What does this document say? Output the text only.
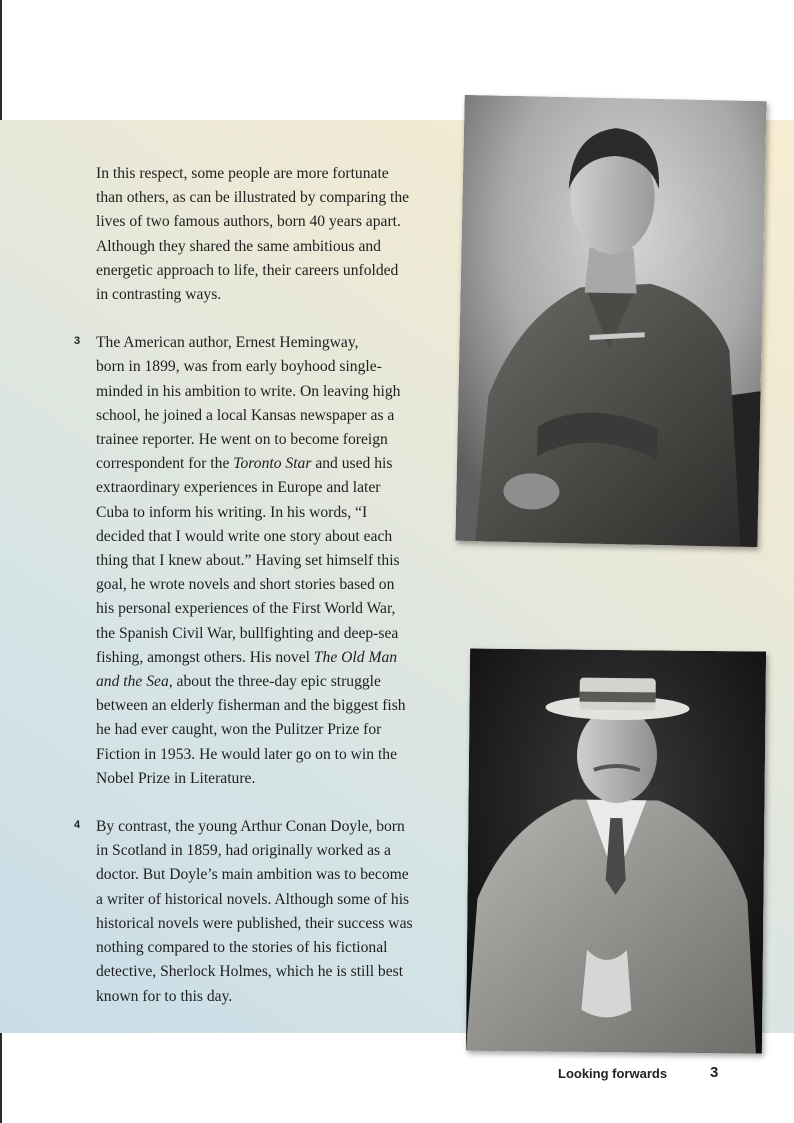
In this respect, some people are more fortunate
than others, as can be illustrated by comparing the
lives of two famous authors, born 40 years apart.
Although they shared the same ambitious and
energetic approach to life, their careers unfolded
in contrasting ways.

3 The American author, Ernest Hemingway,
born in 1899, was from early boyhood single-
minded in his ambition to write. On leaving high
school, he joined a local Kansas newspaper as a
trainee reporter. He went on to become foreign
correspondent for the Toronto Star and used his
extraordinary experiences in Europe and later
Cuba to inform his writing. In his words, “I
decided that I would write one story about each
thing that I knew about.” Having set himself this
goal, he wrote novels and short stories based on
his personal experiences of the First World War,
the Spanish Civil War, bullfighting and deep-sea
fishing, amongst others. His novel The Old Man
and the Sea, about the three-day epic struggle
between an elderly fisherman and the biggest fish
he had ever caught, won the Pulitzer Prize for
Fiction in 1953. He would later go on to win the
Nobel Prize in Literature.

4 By contrast, the young Arthur Conan Doyle, born
in Scotland in 1859, had originally worked as a
doctor. But Doyle’s main ambition was to become
a writer of historical novels. Although some of his
historical novels were published, their success was
nothing compared to the stories of his fictional
detective, Sherlock Holmes, which he is still best
known for to this day.

Looking forwards	3
